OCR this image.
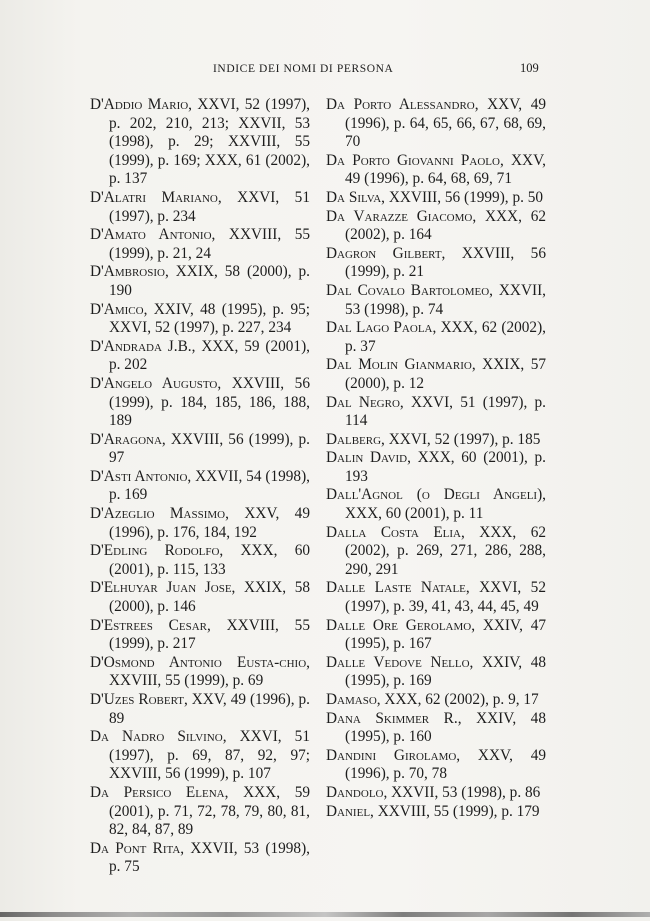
INDICE DEI NOMI DI PERSONA	109

D'Addio Mario, XXVI, 52 (1997), p. 202, 210, 213; XXVII, 53 (1998), p. 29; XXVIII, 55 (1999), p. 169; XXX, 61 (2002), p. 137

D'Alatri Mariano, XXVI, 51 (1997), p. 234

D'Amato Antonio, XXVIII, 55 (1999), p. 21, 24

D'Ambrosio, XXIX, 58 (2000), p. 190

D'Amico, XXIV, 48 (1995), p. 95; XXVI, 52 (1997), p. 227, 234

D'Andrada J.B., XXX, 59 (2001), p. 202

D'Angelo Augusto, XXVIII, 56 (1999), p. 184, 185, 186, 188, 189

D'Aragona, XXVIII, 56 (1999), p. 97

D'Asti Antonio, XXVII, 54 (1998), p. 169

D'Azeglio Massimo, XXV, 49 (1996), p. 176, 184, 192

D'Edling Rodolfo, XXX, 60 (2001), p. 115, 133

D'Elhuyar Juan Jose, XXIX, 58 (2000), p. 146

D'Estrees Cesar, XXVIII, 55 (1999), p. 217

D'Osmond Antonio Eusta-chio, XXVIII, 55 (1999), p. 69

D'Uzes Robert, XXV, 49 (1996), p. 89

Da Nadro Silvino, XXVI, 51 (1997), p. 69, 87, 92, 97; XXVIII, 56 (1999), p. 107

Da Persico Elena, XXX, 59 (2001), p. 71, 72, 78, 79, 80, 81, 82, 84, 87, 89

Da Pont Rita, XXVII, 53 (1998), p. 75

Da Porto Alessandro, XXV, 49 (1996), p. 64, 65, 66, 67, 68, 69, 70

Da Porto Giovanni Paolo, XXV, 49 (1996), p. 64, 68, 69, 71

Da Silva, XXVIII, 56 (1999), p. 50

Da Varazze Giacomo, XXX, 62 (2002), p. 164

Dagron Gilbert, XXVIII, 56 (1999), p. 21

Dal Covalo Bartolomeo, XXVII, 53 (1998), p. 74

Dal Lago Paola, XXX, 62 (2002), p. 37

Dal Molin Gianmario, XXIX, 57 (2000), p. 12

Dal Negro, XXVI, 51 (1997), p. 114

Dalberg, XXVI, 52 (1997), p. 185

Dalin David, XXX, 60 (2001), p. 193

Dall'Agnol (o Degli Angeli), XXX, 60 (2001), p. 11

Dalla Costa Elia, XXX, 62 (2002), p. 269, 271, 286, 288, 290, 291

Dalle Laste Natale, XXVI, 52 (1997), p. 39, 41, 43, 44, 45, 49

Dalle Ore Gerolamo, XXIV, 47 (1995), p. 167

Dalle Vedove Nello, XXIV, 48 (1995), p. 169

Damaso, XXX, 62 (2002), p. 9, 17

Dana Skimmer R., XXIV, 48 (1995), p. 160

Dandini Girolamo, XXV, 49 (1996), p. 70, 78

Dandolo, XXVII, 53 (1998), p. 86

Daniel, XXVIII, 55 (1999), p. 179
